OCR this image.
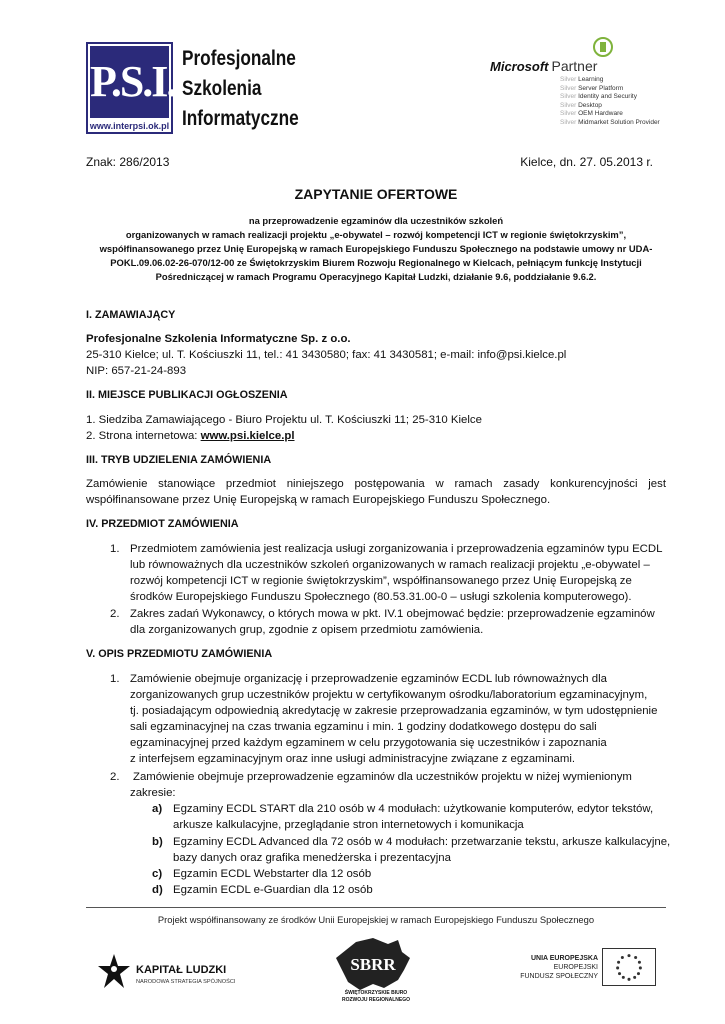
P.S.I.
www.interpsi.ok.pl
Profesjonalne
Szkolenia
Informatyczne
Microsoft Partner
Silver Learning
Silver Server Platform
Silver Identity and Security
Silver Desktop
Silver OEM Hardware
Silver Midmarket Solution Provider
Znak: 286/2013	Kielce, dn. 27. 05.2013 r.
ZAPYTANIE OFERTOWE
na przeprowadzenie egzaminów dla uczestników szkoleń
organizowanych w ramach realizacji projektu „e-obywatel – rozwój kompetencji ICT w regionie świętokrzyskim”,
współfinansowanego przez Unię Europejską w ramach Europejskiego Funduszu Społecznego na podstawie umowy nr UDA-
POKL.09.06.02-26-070/12-00 ze Świętokrzyskim Biurem Rozwoju Regionalnego w Kielcach, pełniącym funkcję Instytucji
Pośredniczącej w ramach Programu Operacyjnego Kapitał Ludzki, działanie 9.6, poddziałanie 9.6.2.
I. ZAMAWIAJĄCY
Profesjonalne Szkolenia Informatyczne Sp. z o.o.
25-310 Kielce; ul. T. Kościuszki 11, tel.: 41 3430580; fax: 41 3430581; e-mail: info@psi.kielce.pl
NIP: 657-21-24-893
II. MIEJSCE PUBLIKACJI OGŁOSZENIA
1. Siedziba Zamawiającego - Biuro Projektu ul. T. Kościuszki 11; 25-310 Kielce
2. Strona internetowa: www.psi.kielce.pl
III. TRYB UDZIELENIA ZAMÓWIENIA
Zamówienie stanowiące przedmiot niniejszego postępowania w ramach zasady konkurencyjności jest współfinansowane przez Unię Europejską w ramach Europejskiego Funduszu Społecznego.
IV. PRZEDMIOT ZAMÓWIENIA
1. Przedmiotem zamówienia jest realizacja usługi zorganizowania i przeprowadzenia egzaminów typu ECDL
lub równoważnych dla uczestników szkoleń organizowanych w ramach realizacji projektu „e-obywatel –
rozwój kompetencji ICT w regionie świętokrzyskim”, współfinansowanego przez Unię Europejską ze
środków Europejskiego Funduszu Społecznego (80.53.31.00-0 – usługi szkolenia komputerowego).
2. Zakres zadań Wykonawcy, o których mowa w pkt. IV.1 obejmować będzie: przeprowadzenie egzaminów
dla zorganizowanych grup, zgodnie z opisem przedmiotu zamówienia.
V. OPIS PRZEDMIOTU ZAMÓWIENIA
1. Zamówienie obejmuje organizację i przeprowadzenie egzaminów ECDL lub równoważnych dla
zorganizowanych grup uczestników projektu w certyfikowanym ośrodku/laboratorium egzaminacyjnym,
tj. posiadającym odpowiednią akredytację w zakresie przeprowadzania egzaminów, w tym udostępnienie
sali egzaminacyjnej na czas trwania egzaminu i min. 1 godziny dodatkowego dostępu do sali
egzaminacyjnej przed każdym egzaminem w celu przygotowania się uczestników i zapoznania
z interfejsem egzaminacyjnym oraz inne usługi administracyjne związane z egzaminami.
2. Zamówienie obejmuje przeprowadzenie egzaminów dla uczestników projektu w niżej wymienionym
zakresie:
a) Egzaminy ECDL START dla 210 osób w 4 modułach: użytkowanie komputerów, edytor tekstów,
arkusze kalkulacyjne, przeglądanie stron internetowych i komunikacja
b) Egzaminy ECDL Advanced dla 72 osób w 4 modułach: przetwarzanie tekstu, arkusze kalkulacyjne,
bazy danych oraz grafika menedżerska i prezentacyjna
c) Egzamin ECDL Webstarter dla 12 osób
d) Egzamin ECDL e-Guardian dla 12 osób
Projekt współfinansowany ze środków Unii Europejskiej w ramach Europejskiego Funduszu Społecznego
KAPITAŁ LUDZKI
NARODOWA STRATEGIA SPÓJNOŚCI
SBRR
ŚWIĘTOKRZYSKIE BIURO
ROZWOJU REGIONALNEGO
UNIA EUROPEJSKA
EUROPEJSKI
FUNDUSZ SPOŁECZNY
